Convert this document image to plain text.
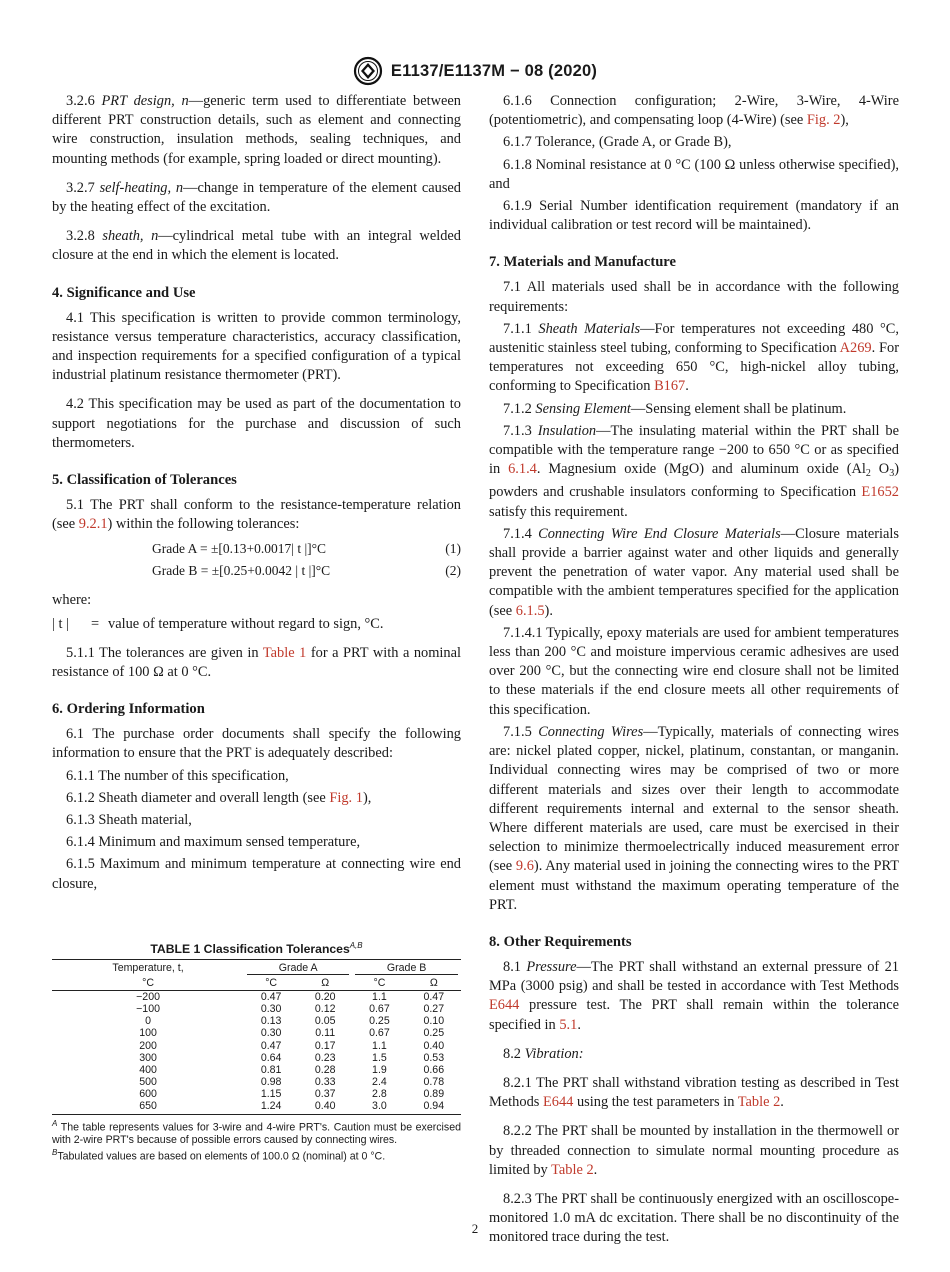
E1137/E1137M − 08 (2020)

3.2.6 PRT design, n—generic term used to differentiate between different PRT construction details, such as element and connecting wire construction, insulation methods, sealing techniques, and mounting methods (for example, spring loaded or direct mounting).

3.2.7 self-heating, n—change in temperature of the element caused by the heating effect of the excitation.

3.2.8 sheath, n—cylindrical metal tube with an integral welded closure at the end in which the element is located.

4. Significance and Use

4.1 This specification is written to provide common terminology, resistance versus temperature characteristics, accuracy classification, and inspection requirements for a specified configuration of a typical industrial platinum resistance thermometer (PRT).

4.2 This specification may be used as part of the documentation to support negotiations for the purchase and discussion of such thermometers.

5. Classification of Tolerances

5.1 The PRT shall conform to the resistance-temperature relation (see 9.2.1) within the following tolerances:

Grade A = ±[0.13+0.0017| t |]°C	(1)
Grade B = ±[0.25+0.0042 | t |]°C	(2)

where:

| t |	= value of temperature without regard to sign, °C.

5.1.1 The tolerances are given in Table 1 for a PRT with a nominal resistance of 100 Ω at 0 °C.

6. Ordering Information

6.1 The purchase order documents shall specify the following information to ensure that the PRT is adequately described:

6.1.1 The number of this specification,

6.1.2 Sheath diameter and overall length (see Fig. 1),

6.1.3 Sheath material,

6.1.4 Minimum and maximum sensed temperature,

6.1.5 Maximum and minimum temperature at connecting wire end closure,

TABLE 1 Classification Tolerances$^{A,B}$
Temperature, t,	Grade A		Grade B	
°C	°C	Ω	°C	Ω
−200	0.47	0.20	1.1	0.47
−100	0.30	0.12	0.67	0.27
0	0.13	0.05	0.25	0.10
100	0.30	0.11	0.67	0.25
200	0.47	0.17	1.1	0.40
300	0.64	0.23	1.5	0.53
400	0.81	0.28	1.9	0.66
500	0.98	0.33	2.4	0.78
600	1.15	0.37	2.8	0.89
650	1.24	0.40	3.0	0.94
$^A$ The table represents values for 3-wire and 4-wire PRT's. Caution must be exercised with 2-wire PRT's because of possible errors caused by connecting wires.
$^B$Tabulated values are based on elements of 100.0 Ω (nominal) at 0 °C.

6.1.6 Connection configuration; 2-Wire, 3-Wire, 4-Wire (potentiometric), and compensating loop (4-Wire) (see Fig. 2),

6.1.7 Tolerance, (Grade A, or Grade B),

6.1.8 Nominal resistance at 0 °C (100 Ω unless otherwise specified), and

6.1.9 Serial Number identification requirement (mandatory if an individual calibration or test record will be maintained).

7. Materials and Manufacture

7.1 All materials used shall be in accordance with the following requirements:

7.1.1 Sheath Materials—For temperatures not exceeding 480 °C, austenitic stainless steel tubing, conforming to Specification A269. For temperatures not exceeding 650 °C, high-nickel alloy tubing, conforming to Specification B167.

7.1.2 Sensing Element—Sensing element shall be platinum.

7.1.3 Insulation—The insulating material within the PRT shall be compatible with the temperature range −200 to 650 °C or as specified in 6.1.4. Magnesium oxide (MgO) and aluminum oxide ($Al_2$ $O_3$) powders and crushable insulators conforming to Specification E1652 satisfy this requirement.

7.1.4 Connecting Wire End Closure Materials—Closure materials shall provide a barrier against water and other liquids and generally prevent the penetration of water vapor. Any material used shall be compatible with the ambient temperatures specified for the application (see 6.1.5).

7.1.4.1 Typically, epoxy materials are used for ambient temperatures less than 200 °C and moisture impervious ceramic adhesives are used over 200 °C, but the connecting wire end closure shall not be limited to these materials if the end closure meets all other requirements of this specification.

7.1.5 Connecting Wires—Typically, materials of connecting wires are: nickel plated copper, nickel, platinum, constantan, or manganin. Individual connecting wires may be comprised of two or more different materials and sizes over their length to accommodate different requirements internal and external to the sensor sheath. Where different materials are used, care must be exercised in their selection to minimize thermoelectrically induced measurement error (see 9.6). Any material used in joining the connecting wires to the PRT element must withstand the maximum operating temperature of the PRT.

8. Other Requirements

8.1 Pressure—The PRT shall withstand an external pressure of 21 MPa (3000 psig) and shall be tested in accordance with Test Methods E644 pressure test. The PRT shall remain within the tolerance specified in 5.1.

8.2 Vibration:

8.2.1 The PRT shall withstand vibration testing as described in Test Methods E644 using the test parameters in Table 2.

8.2.2 The PRT shall be mounted by installation in the thermowell or by threaded connection to simulate normal mounting procedure as limited by Table 2.

8.2.3 The PRT shall be continuously energized with an oscilloscope-monitored 1.0 mA dc excitation. There shall be no discontinuity of the monitored trace during the test.

2
